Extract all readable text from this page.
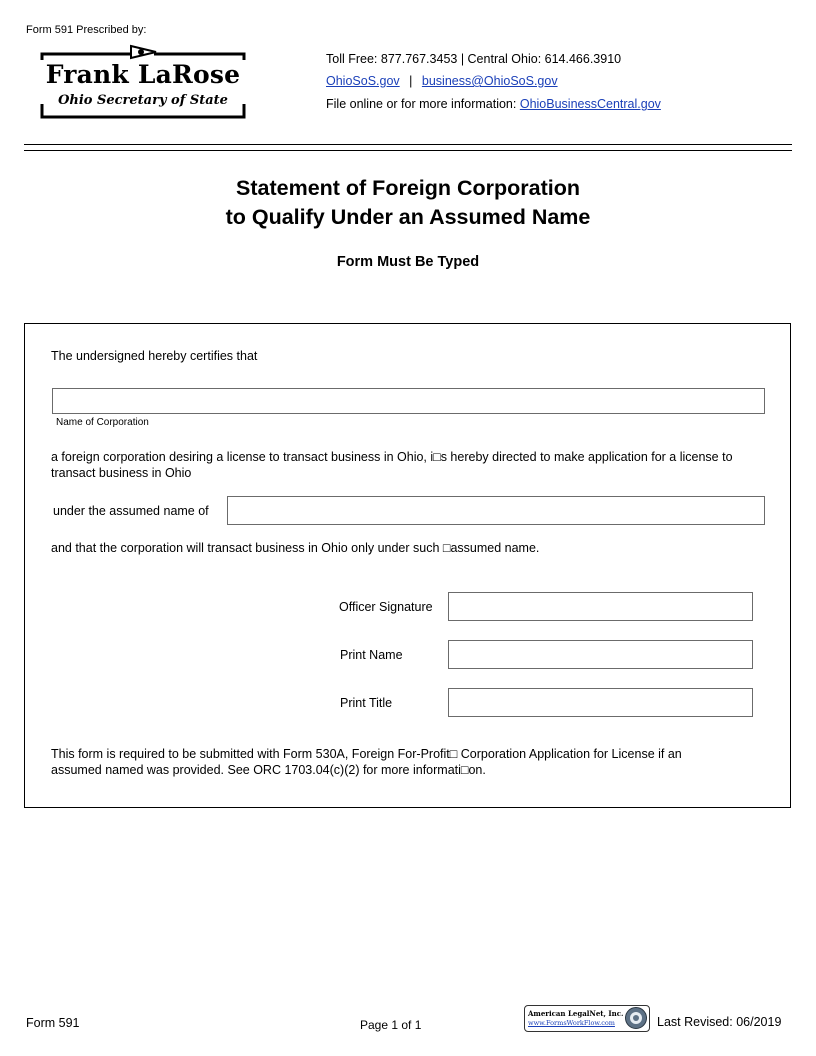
Form 591 Prescribed by:
Frank LaRose
Ohio Secretary of State
Toll Free: 877.767.3453 | Central Ohio: 614.466.3910
OhioSoS.gov | business@OhioSoS.gov
File online or for more information: OhioBusinessCentral.gov
Statement of Foreign Corporation
to Qualify Under an Assumed Name
Form Must Be Typed
The undersigned hereby certifies that
Name of Corporation
a foreign corporation desiring a license to transact business in Ohio, i□s hereby directed to make application for a license to transact business in Ohio
under the assumed name of
and that the corporation will transact business in Ohio only under such □assumed name.
Officer Signature
Print Name
Print Title
This form is required to be submitted with Form 530A, Foreign For-Profit□ Corporation Application for License if an
assumed named was provided. See ORC 1703.04(c)(2) for more informati□on.
Form 591	Page 1 of 1
American LegalNet, Inc.
www.FormsWorkFlow.com	Last Revised: 06/2019
